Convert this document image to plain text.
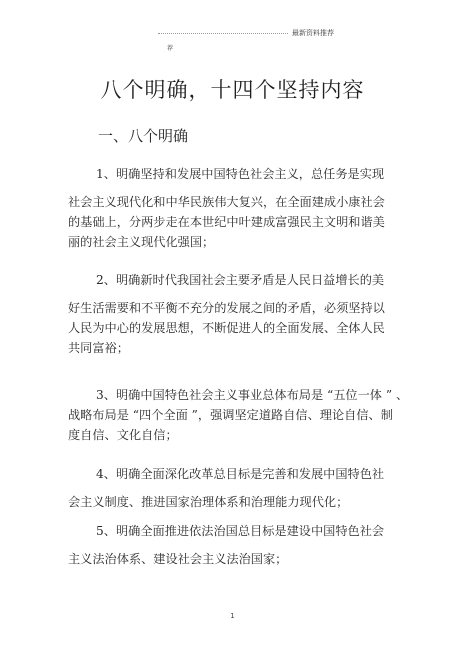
最新资料推荐
荐
八个明确，十四个坚持内容
一、八个明确

1、明确坚持和发展中国特色社会主义，总任务是实现

社会主义现代化和中华民族伟大复兴，在全面建成小康社会

的基础上，分两步走在本世纪中叶建成富强民主文明和谐美

丽的社会主义现代化强国；

2、明确新时代我国社会主要矛盾是人民日益增长的美

好生活需要和不平衡不充分的发展之间的矛盾，必须坚持以

人民为中心的发展思想，不断促进人的全面发展、全体人民

共同富裕；

3、明确中国特色社会主义事业总体布局是 “五位一体 ” 、

战略布局是 “四个全面 ”，强调坚定道路自信、理论自信、制

度自信、文化自信；

4、明确全面深化改革总目标是完善和发展中国特色社

会主义制度、推进国家治理体系和治理能力现代化；

5、明确全面推进依法治国总目标是建设中国特色社会

主义法治体系、建设社会主义法治国家；

1
